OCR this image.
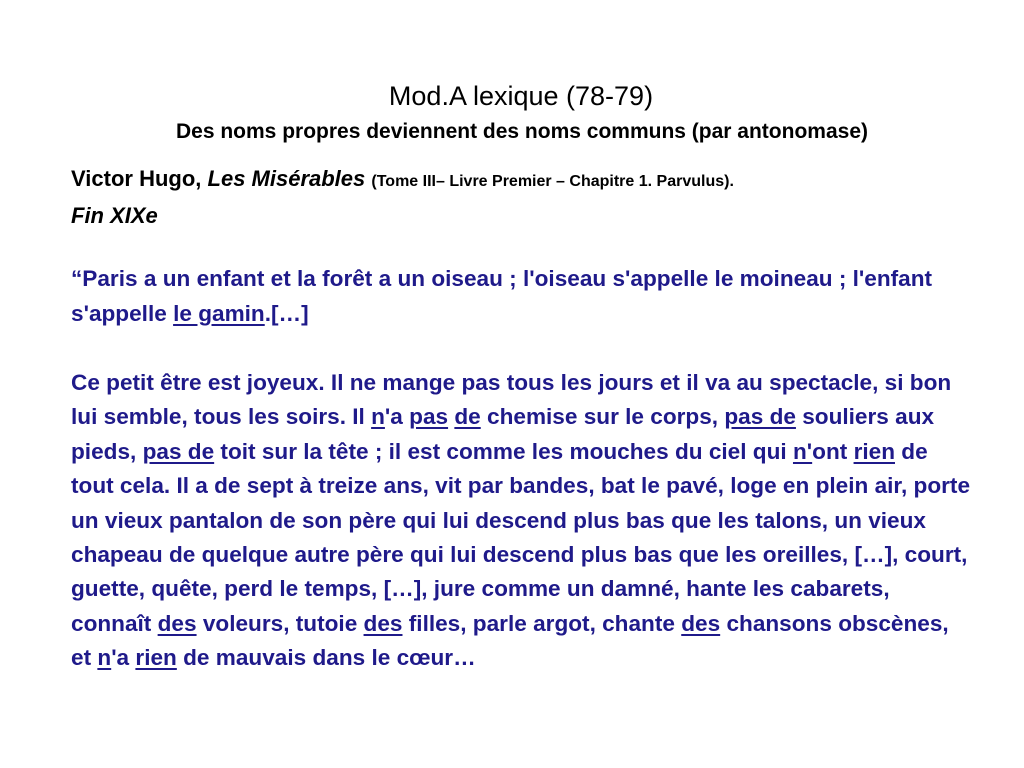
Mod.A lexique (78-79)
Des noms propres deviennent des noms communs (par antonomase)
Victor Hugo, Les Misérables (Tome III– Livre Premier – Chapitre 1. Parvulus).
Fin XIXe

“Paris a un enfant et la forêt a un oiseau ; l'oiseau s'appelle le moineau ; l'enfant s'appelle le gamin.[…]

Ce petit être est joyeux. Il ne mange pas tous les jours et il va au spectacle, si bon lui semble, tous les soirs. Il n'a pas de chemise sur le corps, pas de souliers aux pieds, pas de toit sur la tête ; il est comme les mouches du ciel qui n'ont rien de tout cela. Il a de sept à treize ans, vit par bandes, bat le pavé, loge en plein air, porte un vieux pantalon de son père qui lui descend plus bas que les talons, un vieux chapeau de quelque autre père qui lui descend plus bas que les oreilles, […], court, guette, quête, perd le temps, […], jure comme un damné, hante les cabarets, connaît des voleurs, tutoie des filles, parle argot, chante des chansons obscènes, et n'a rien de mauvais dans le cœur…
